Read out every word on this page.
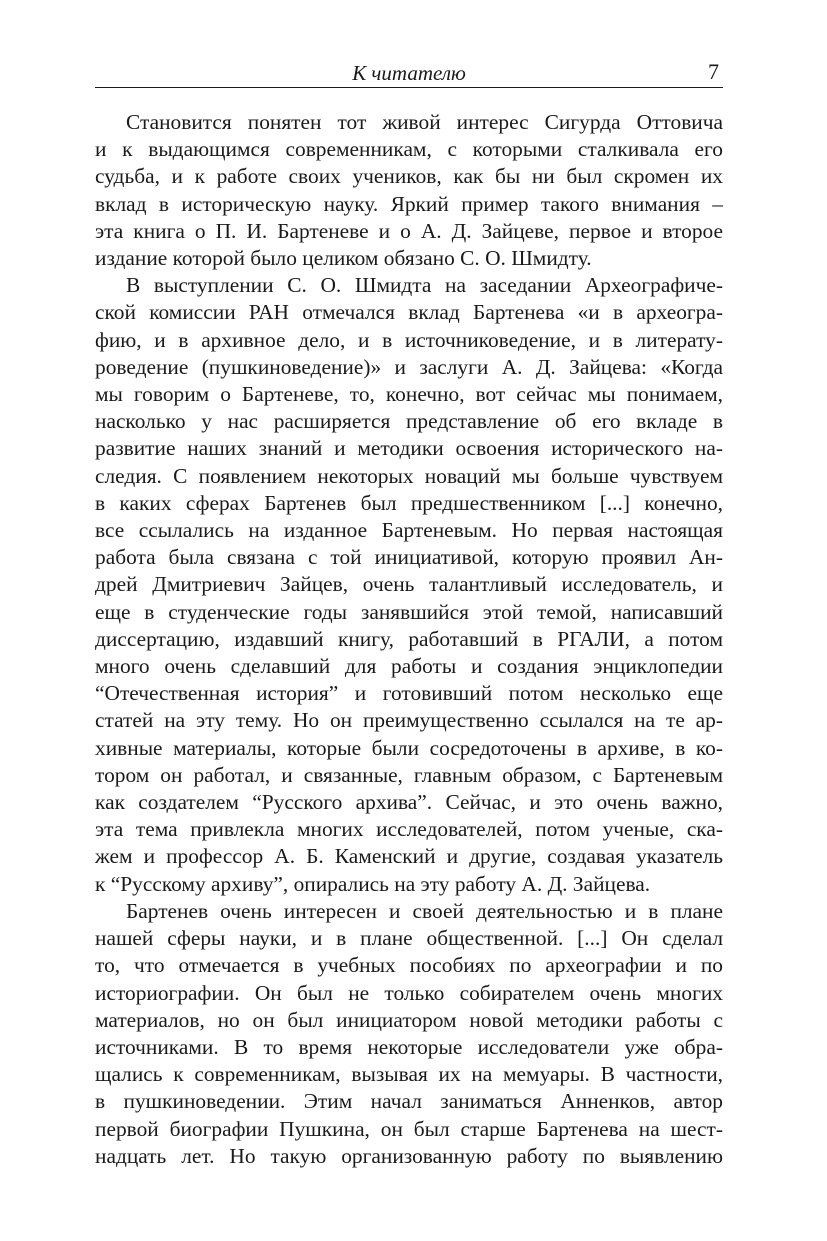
К читателю	7
Становится понятен тот живой интерес Сигурда Оттовича
и к выдающимся современникам, с которыми сталкивала его
судьба, и к работе своих учеников, как бы ни был скромен их
вклад в историческую науку. Яркий пример такого внимания –
эта книга о П. И. Бартеневе и о А. Д. Зайцеве, первое и второе
издание которой было целиком обязано С. О. Шмидту.
В выступлении С. О. Шмидта на заседании Археографиче-
ской комиссии РАН отмечался вклад Бартенева «и в археогра-
фию, и в архивное дело, и в источниковедение, и в литерату-
роведение (пушкиноведение)» и заслуги А. Д. Зайцева: «Когда
мы говорим о Бартеневе, то, конечно, вот сейчас мы понимаем,
насколько у нас расширяется представление об его вкладе в
развитие наших знаний и методики освоения исторического на-
следия. С появлением некоторых новаций мы больше чувствуем
в каких сферах Бартенев был предшественником [...] конечно,
все ссылались на изданное Бартеневым. Но первая настоящая
работа была связана с той инициативой, которую проявил Ан-
дрей Дмитриевич Зайцев, очень талантливый исследователь, и
еще в студенческие годы занявшийся этой темой, написавший
диссертацию, издавший книгу, работавший в РГАЛИ, а потом
много очень сделавший для работы и создания энциклопедии
“Отечественная история” и готовивший потом несколько еще
статей на эту тему. Но он преимущественно ссылался на те ар-
хивные материалы, которые были сосредоточены в архиве, в ко-
тором он работал, и связанные, главным образом, с Бартеневым
как создателем “Русского архива”. Сейчас, и это очень важно,
эта тема привлекла многих исследователей, потом ученые, ска-
жем и профессор А. Б. Каменский и другие, создавая указатель
к “Русскому архиву”, опирались на эту работу А. Д. Зайцева.
Бартенев очень интересен и своей деятельностью и в плане
нашей сферы науки, и в плане общественной. [...] Он сделал
то, что отмечается в учебных пособиях по археографии и по
историографии. Он был не только собирателем очень многих
материалов, но он был инициатором новой методики работы с
источниками. В то время некоторые исследователи уже обра-
щались к современникам, вызывая их на мемуары. В частности,
в пушкиноведении. Этим начал заниматься Анненков, автор
первой биографии Пушкина, он был старше Бартенева на шест-
надцать лет. Но такую организованную работу по выявлению
